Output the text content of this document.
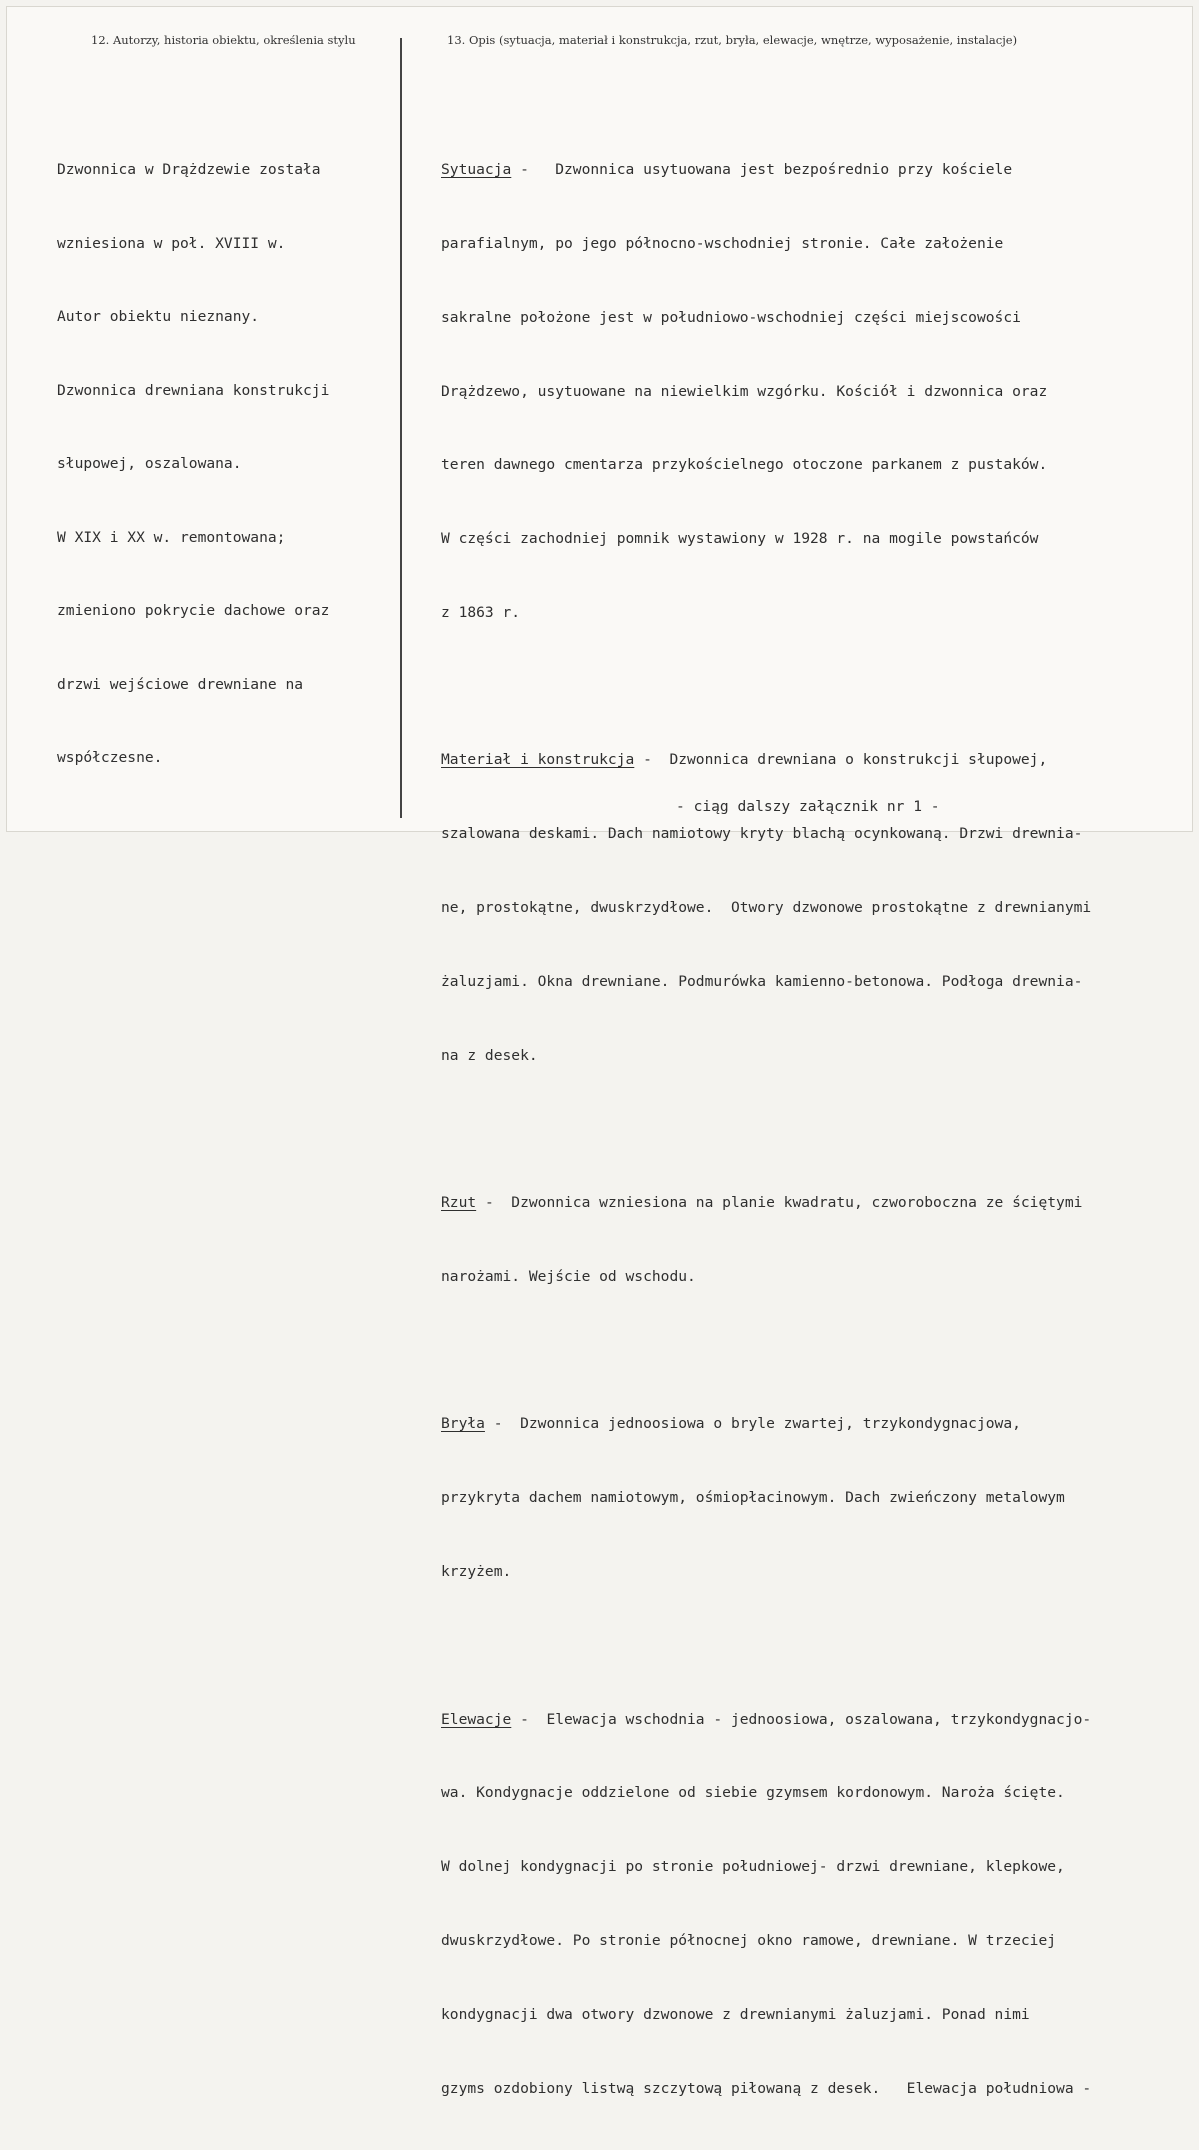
12. Autorzy, historia obiektu, określenia stylu	13. Opis (sytuacja, materiał i konstrukcja, rzut, bryła, elewacje, wnętrze, wyposażenie, instalacje)

Dzwonnica w Drążdzewie została

wzniesiona w poł. XVIII w.

Autor obiektu nieznany.

Dzwonnica drewniana konstrukcji

słupowej, oszalowana.

W XIX i XX w. remontowana;

zmieniono pokrycie dachowe oraz

drzwi wejściowe drewniane na

współczesne.

Sytuacja -   Dzwonnica usytuowana jest bezpośrednio przy kościele

parafialnym, po jego północno-wschodniej stronie. Całe założenie

sakralne położone jest w południowo-wschodniej części miejscowości

Drążdzewo, usytuowane na niewielkim wzgórku. Kościół i dzwonnica oraz

teren dawnego cmentarza przykościelnego otoczone parkanem z pustaków.

W części zachodniej pomnik wystawiony w 1928 r. na mogile powstańców

z 1863 r.

Materiał i konstrukcja -  Dzwonnica drewniana o konstrukcji słupowej,

szalowana deskami. Dach namiotowy kryty blachą ocynkowaną. Drzwi drewnia-

ne, prostokątne, dwuskrzydłowe.  Otwory dzwonowe prostokątne z drewnianymi

żaluzjami. Okna drewniane. Podmurówka kamienno-betonowa. Podłoga drewnia-

na z desek.

Rzut -  Dzwonnica wzniesiona na planie kwadratu, czworoboczna ze ściętymi

narożami. Wejście od wschodu.

Bryła -  Dzwonnica jednoosiowa o bryle zwartej, trzykondygnacjowa,

przykryta dachem namiotowym, ośmiopłacinowym. Dach zwieńczony metalowym

krzyżem.

Elewacje -  Elewacja wschodnia - jednoosiowa, oszalowana, trzykondygnacjo-

wa. Kondygnacje oddzielone od siebie gzymsem kordonowym. Naroża ścięte.

W dolnej kondygnacji po stronie południowej- drzwi drewniane, klepkowe,

dwuskrzydłowe. Po stronie północnej okno ramowe, drewniane. W trzeciej

kondygnacji dwa otwory dzwonowe z drewnianymi żaluzjami. Ponad nimi

gzyms ozdobiony listwą szczytową piłowaną z desek.   Elewacja południowa -

- ciąg dalszy załącznik nr 1 -
